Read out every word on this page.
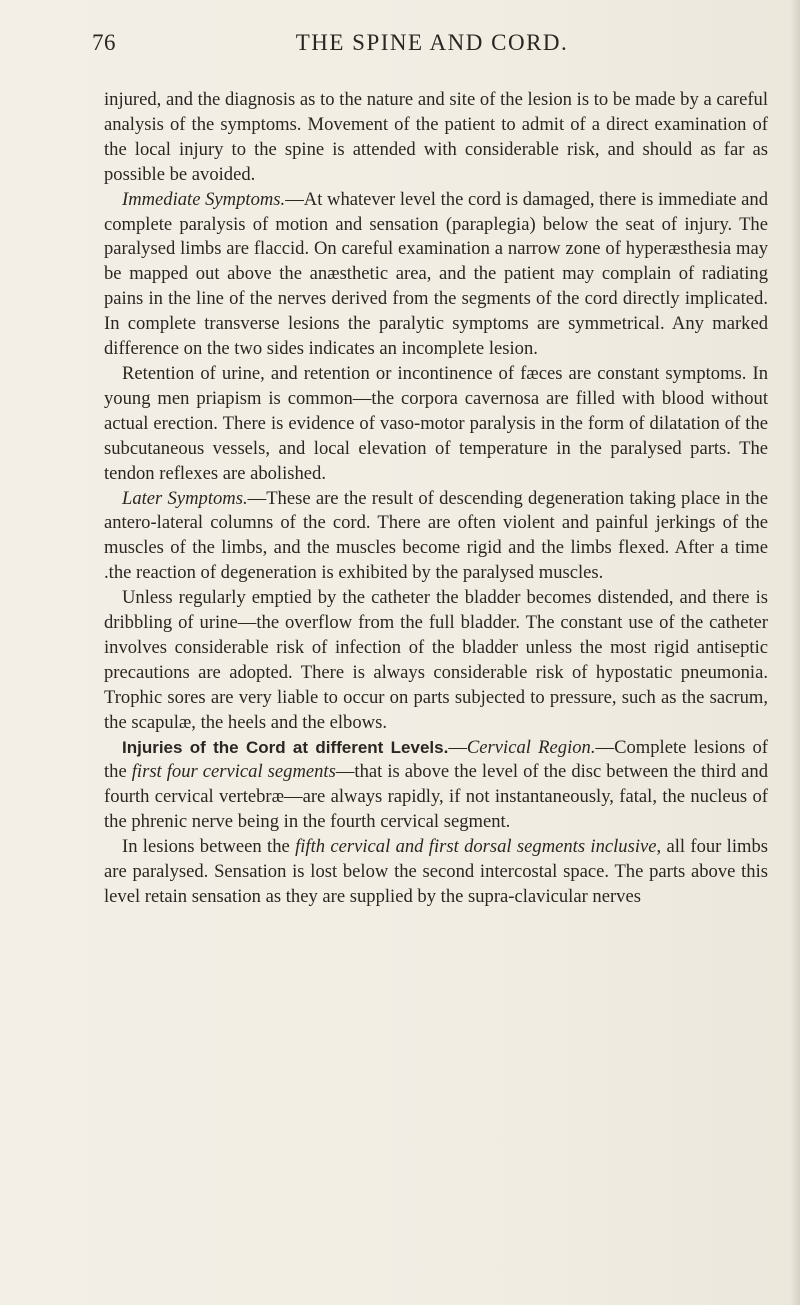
76	THE SPINE AND CORD.

injured, and the diagnosis as to the nature and site of the lesion is to be made by a careful analysis of the symptoms. Movement of the patient to admit of a direct examination of the local injury to the spine is attended with considerable risk, and should as far as possible be avoided.

Immediate Symptoms.—At whatever level the cord is damaged, there is immediate and complete paralysis of motion and sensation (paraplegia) below the seat of injury. The paralysed limbs are flaccid. On careful examination a narrow zone of hyperæsthesia may be mapped out above the anæsthetic area, and the patient may complain of radiating pains in the line of the nerves derived from the segments of the cord directly implicated. In complete transverse lesions the paralytic symptoms are symmetrical. Any marked difference on the two sides indicates an incomplete lesion.

Retention of urine, and retention or incontinence of fæces are constant symptoms. In young men priapism is common—the corpora cavernosa are filled with blood without actual erection. There is evidence of vaso-motor paralysis in the form of dilatation of the subcutaneous vessels, and local elevation of temperature in the paralysed parts. The tendon reflexes are abolished.

Later Symptoms.—These are the result of descending degeneration taking place in the antero-lateral columns of the cord. There are often violent and painful jerkings of the muscles of the limbs, and the muscles become rigid and the limbs flexed. After a time .the reaction of degeneration is exhibited by the paralysed muscles.

Unless regularly emptied by the catheter the bladder becomes distended, and there is dribbling of urine—the overflow from the full bladder. The constant use of the catheter involves considerable risk of infection of the bladder unless the most rigid antiseptic precautions are adopted. There is always considerable risk of hypostatic pneumonia. Trophic sores are very liable to occur on parts subjected to pressure, such as the sacrum, the scapulæ, the heels and the elbows.

Injuries of the Cord at different Levels.—Cervical Region.—Complete lesions of the first four cervical segments—that is above the level of the disc between the third and fourth cervical vertebræ—are always rapidly, if not instantaneously, fatal, the nucleus of the phrenic nerve being in the fourth cervical segment.

In lesions between the fifth cervical and first dorsal segments inclusive, all four limbs are paralysed. Sensation is lost below the second intercostal space. The parts above this level retain sensation as they are supplied by the supra-clavicular nerves
